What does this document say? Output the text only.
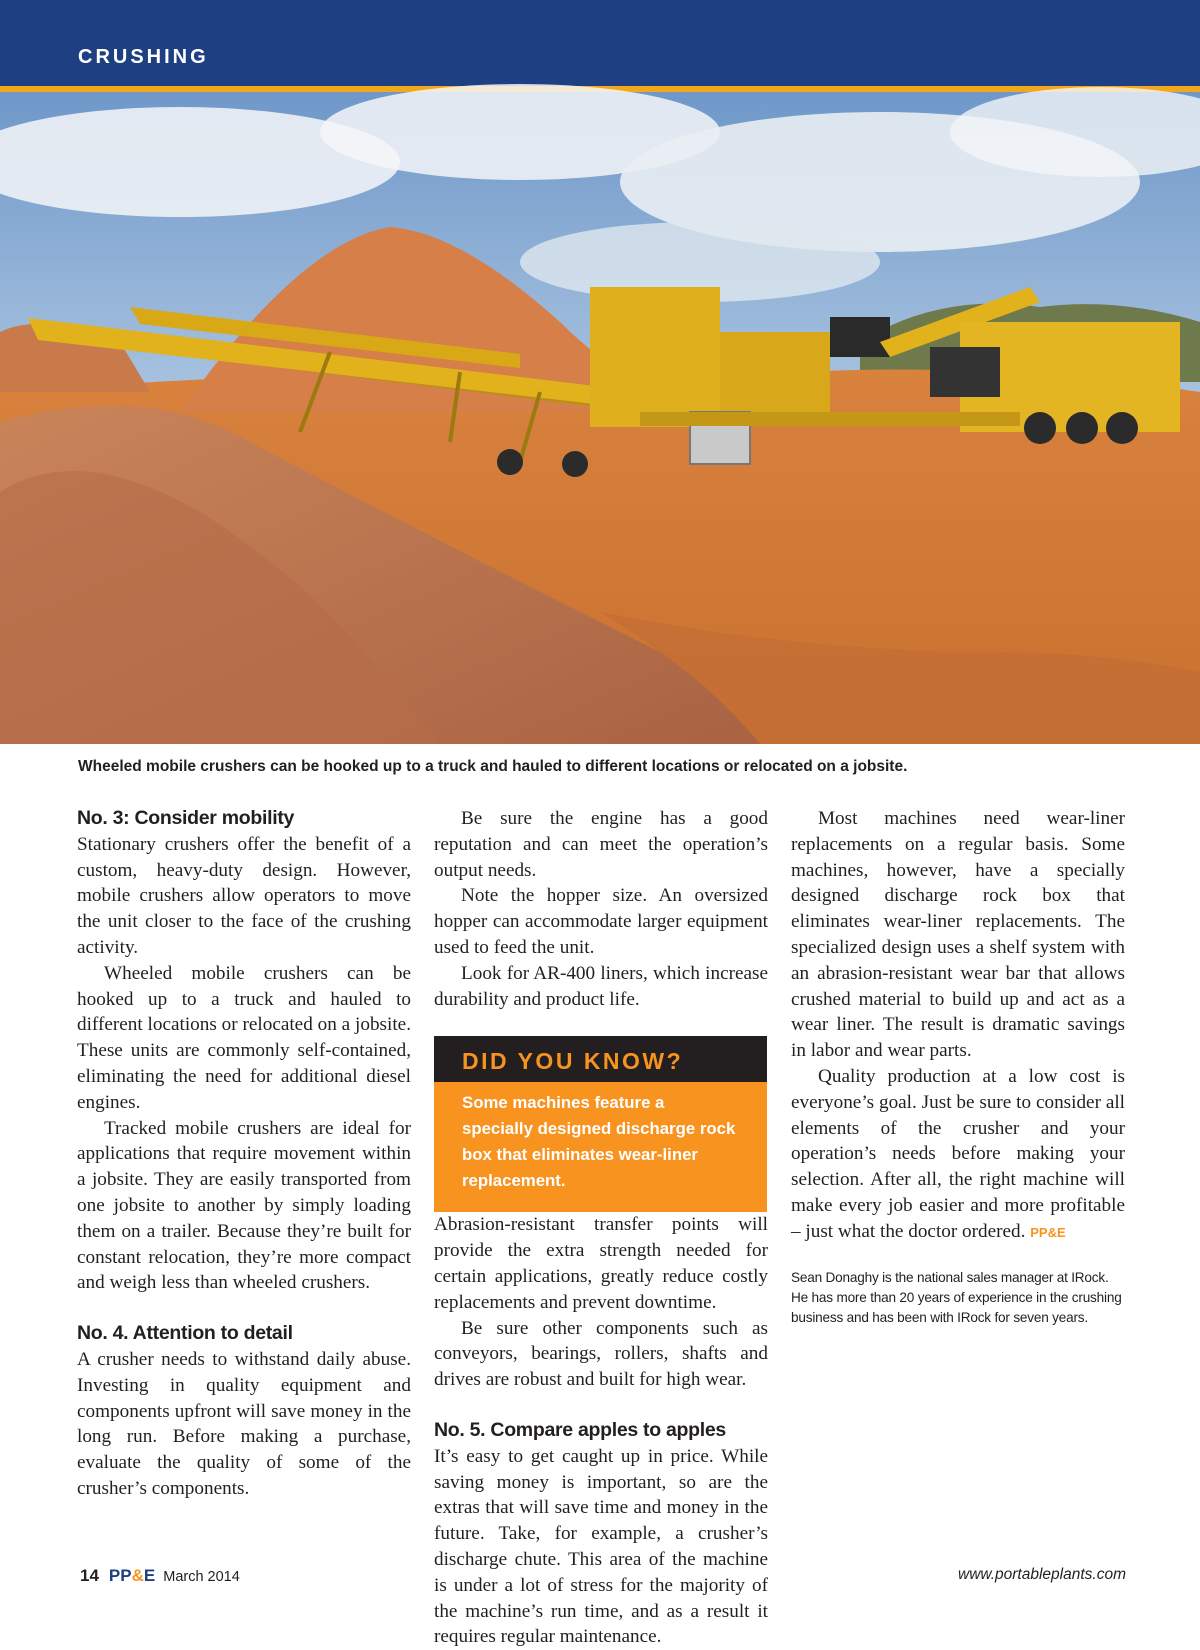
CRUSHING
Wheeled mobile crushers can be hooked up to a truck and hauled to different locations or relocated on a jobsite.
No. 3: Consider mobility

Stationary crushers offer the benefit of a custom, heavy-duty design. However, mobile crushers allow operators to move the unit closer to the face of the crushing activity.

Wheeled mobile crushers can be hooked up to a truck and hauled to different locations or relocated on a jobsite. These units are commonly self-contained, eliminating the need for additional diesel engines.

Tracked mobile crushers are ideal for applications that require movement within a jobsite. They are easily transported from one jobsite to another by simply loading them on a trailer. Because they’re built for constant relocation, they’re more compact and weigh less than wheeled crushers.

No. 4. Attention to detail

A crusher needs to withstand daily abuse. Investing in quality equipment and components upfront will save money in the long run. Before making a purchase, evaluate the quality of some of the crusher’s components.

Be sure the engine has a good reputation and can meet the operation’s output needs.

Note the hopper size. An oversized hopper can accommodate larger equipment used to feed the unit.

Look for AR-400 liners, which increase durability and product life.

DID YOU KNOW?
Some machines feature a specially designed discharge rock box that eliminates wear-liner replacement.

Abrasion-resistant transfer points will provide the extra strength needed for certain applications, greatly reduce costly replacements and prevent downtime.

Be sure other components such as conveyors, bearings, rollers, shafts and drives are robust and built for high wear.

No. 5. Compare apples to apples

It’s easy to get caught up in price. While saving money is important, so are the extras that will save time and money in the future. Take, for example, a crusher’s discharge chute. This area of the machine is under a lot of stress for the majority of the machine’s run time, and as a result it requires regular maintenance.

Most machines need wear-liner replacements on a regular basis. Some machines, however, have a specially designed discharge rock box that eliminates wear-liner replacements. The specialized design uses a shelf system with an abrasion-resistant wear bar that allows crushed material to build up and act as a wear liner. The result is dramatic savings in labor and wear parts.

Quality production at a low cost is everyone’s goal. Just be sure to consider all elements of the crusher and your operation’s needs before making your selection. After all, the right machine will make every job easier and more profitable – just what the doctor ordered. PP&E

Sean Donaghy is the national sales manager at IRock.
He has more than 20 years of experience in the crushing business and has been with IRock for seven years.
14 PP&E March 2014	www.portableplants.com
